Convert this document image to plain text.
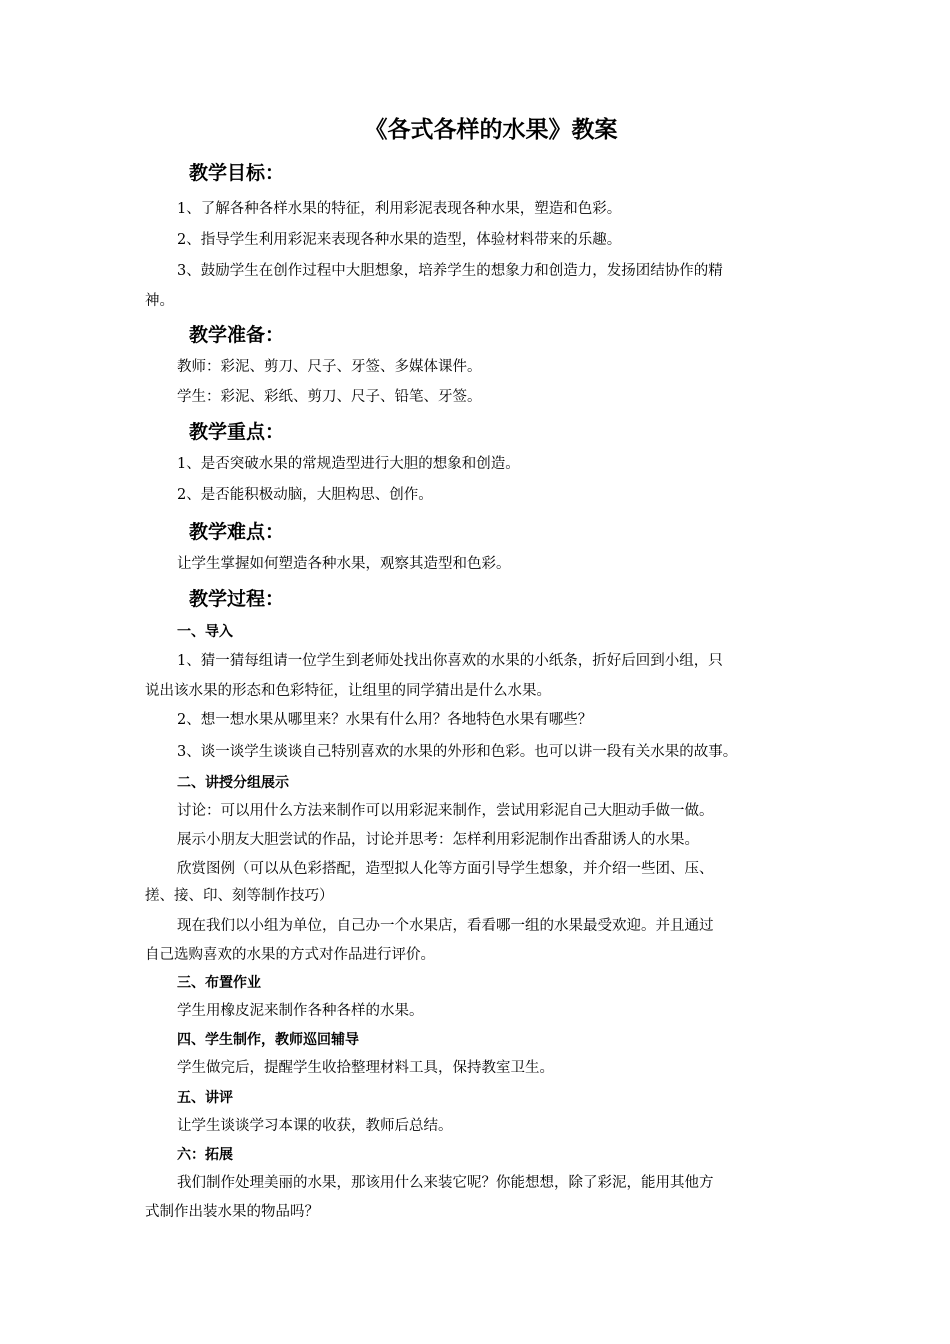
《各式各样的水果》教案
教学目标：
1、了解各种各样水果的特征，利用彩泥表现各种水果，塑造和色彩。
2、指导学生利用彩泥来表现各种水果的造型，体验材料带来的乐趣。
3、鼓励学生在创作过程中大胆想象，培养学生的想象力和创造力，发扬团结协作的精
神。
教学准备：
教师：彩泥、剪刀、尺子、牙签、多媒体课件。
学生：彩泥、彩纸、剪刀、尺子、铅笔、牙签。
教学重点：
1、是否突破水果的常规造型进行大胆的想象和创造。
2、是否能积极动脑，大胆构思、创作。
教学难点：
让学生掌握如何塑造各种水果，观察其造型和色彩。
教学过程：
一、导入
1、猜一猜每组请一位学生到老师处找出你喜欢的水果的小纸条，折好后回到小组，只
说出该水果的形态和色彩特征，让组里的同学猜出是什么水果。
2、想一想水果从哪里来？水果有什么用？各地特色水果有哪些？
3、谈一谈学生谈谈自己特别喜欢的水果的外形和色彩。也可以讲一段有关水果的故事。
二、讲授分组展示
讨论：可以用什么方法来制作可以用彩泥来制作，尝试用彩泥自己大胆动手做一做。
展示小朋友大胆尝试的作品，讨论并思考：怎样利用彩泥制作出香甜诱人的水果。
欣赏图例（可以从色彩搭配，造型拟人化等方面引导学生想象，并介绍一些团、压、
搓、接、印、刻等制作技巧）
现在我们以小组为单位，自己办一个水果店，看看哪一组的水果最受欢迎。并且通过
自己选购喜欢的水果的方式对作品进行评价。
三、布置作业
学生用橡皮泥来制作各种各样的水果。
四、学生制作，教师巡回辅导
学生做完后，提醒学生收拾整理材料工具，保持教室卫生。
五、讲评
让学生谈谈学习本课的收获，教师后总结。
六：拓展
我们制作处理美丽的水果，那该用什么来装它呢？你能想想，除了彩泥，能用其他方
式制作出装水果的物品吗？
